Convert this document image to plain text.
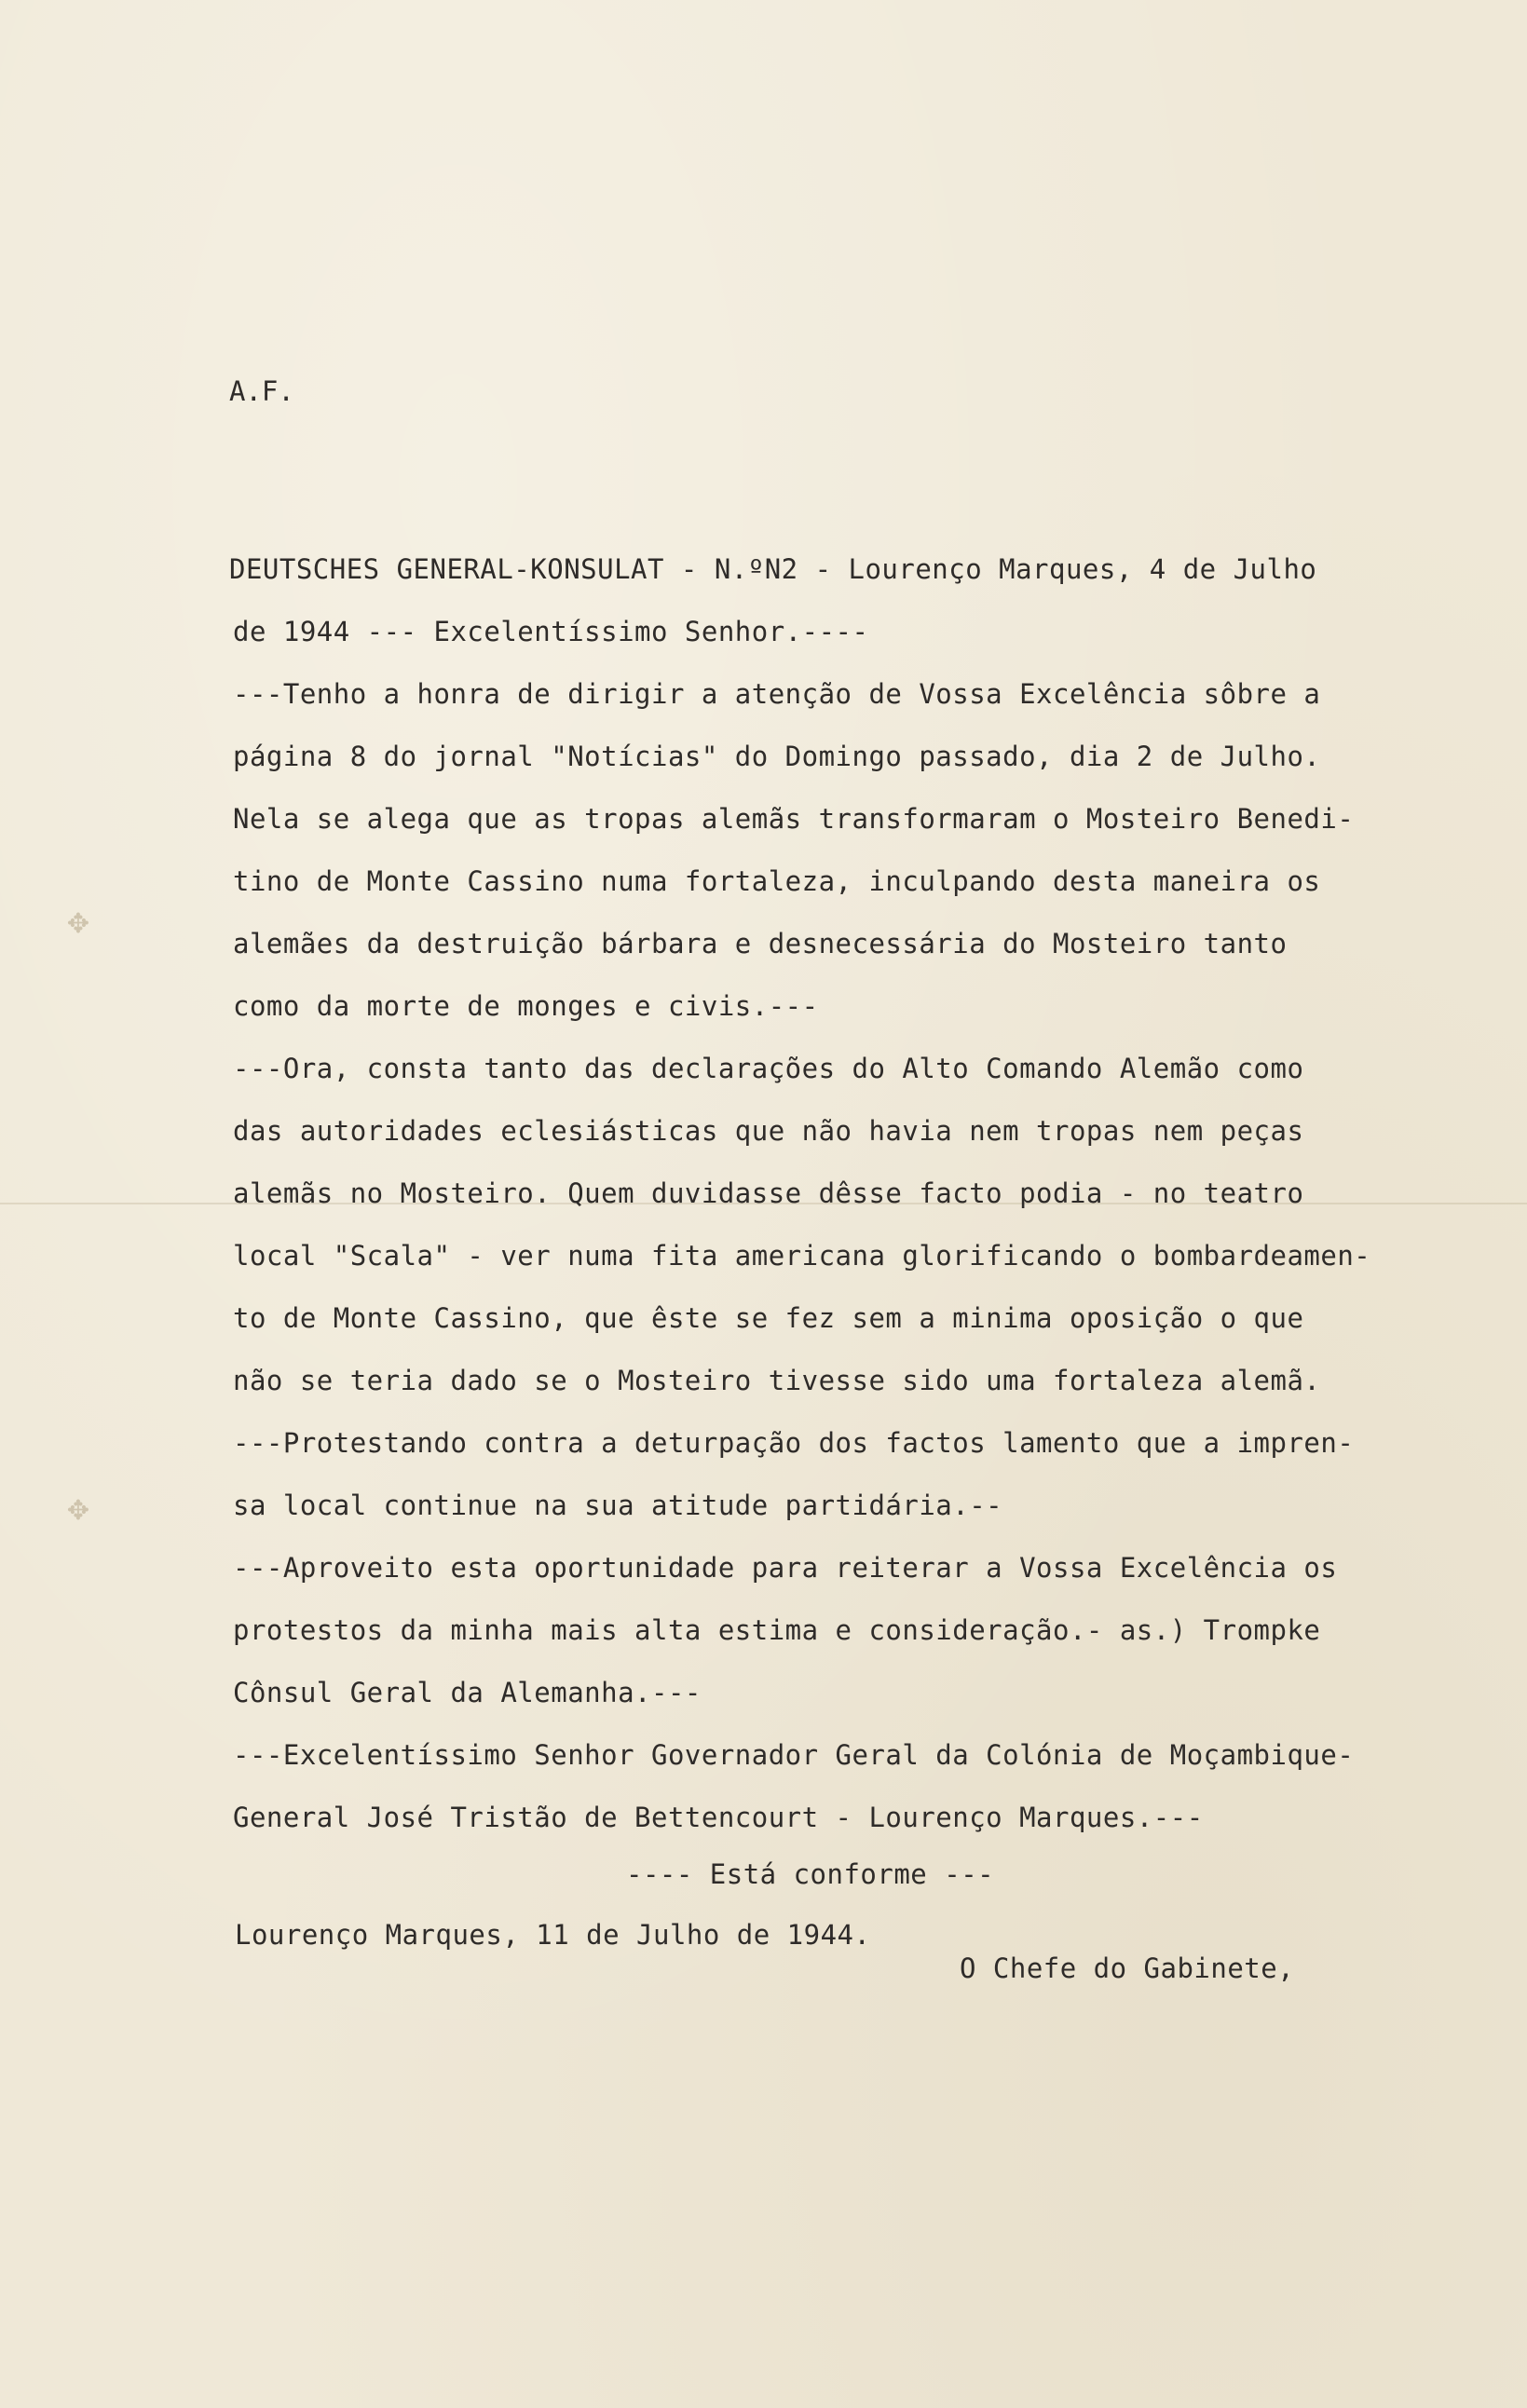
✥
✥
A.F.
DEUTSCHES GENERAL-KONSULAT - N.ºN2 - Lourenço Marques, 4 de Julho
de 1944 --- Excelentíssimo Senhor.----
---Tenho a honra de dirigir a atenção de Vossa Excelência sôbre a
página 8 do jornal "Notícias" do Domingo passado, dia 2 de Julho.
Nela se alega que as tropas alemãs transformaram o Mosteiro Benedi-
tino de Monte Cassino numa fortaleza, inculpando desta maneira os
alemães da destruição bárbara e desnecessária do Mosteiro tanto
como da morte de monges e civis.---
---Ora, consta tanto das declarações do Alto Comando Alemão como
das autoridades eclesiásticas que não havia nem tropas nem peças
alemãs no Mosteiro. Quem duvidasse dêsse facto podia - no teatro
local "Scala" - ver numa fita americana glorificando o bombardeamen-
to de Monte Cassino, que êste se fez sem a minima oposição o que
não se teria dado se o Mosteiro tivesse sido uma fortaleza alemã.
---Protestando contra a deturpação dos factos lamento que a impren-
sa local continue na sua atitude partidária.--
---Aproveito esta oportunidade para reiterar a Vossa Excelência os
protestos da minha mais alta estima e consideração.- as.) Trompke
Cônsul Geral da Alemanha.---
---Excelentíssimo Senhor Governador Geral da Colónia de Moçambique-
General José Tristão de Bettencourt - Lourenço Marques.---
---- Está conforme ---
Lourenço Marques, 11 de Julho de 1944.
O Chefe do Gabinete,
